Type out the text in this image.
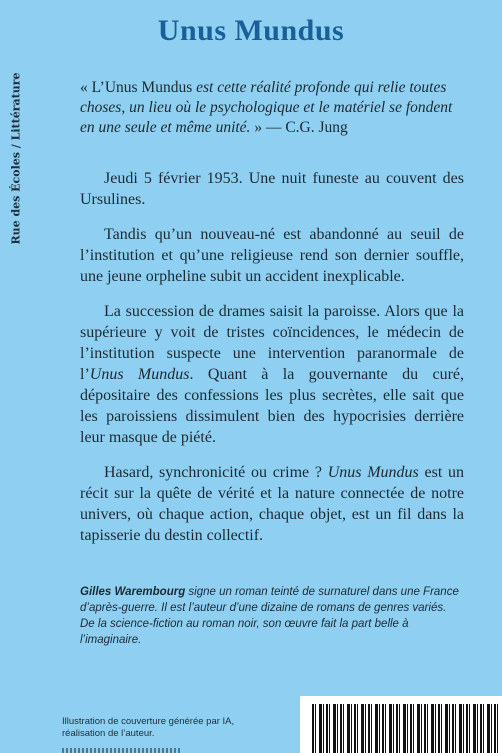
Rue des Écoles / Littérature
Unus Mundus

« L’Unus Mundus est cette réalité profonde qui relie toutes choses, un lieu où le psychologique et le matériel se fondent en une seule et même unité. » — C.G. Jung

Jeudi 5 février 1953. Une nuit funeste au couvent des Ursulines.

Tandis qu’un nouveau-né est abandonné au seuil de l’institution et qu’une religieuse rend son dernier souffle, une jeune orpheline subit un accident inexplicable.

La succession de drames saisit la paroisse. Alors que la supérieure y voit de tristes coïncidences, le médecin de l’institution suspecte une intervention paranormale de l’Unus Mundus. Quant à la gouvernante du curé, dépositaire des confessions les plus secrètes, elle sait que les paroissiens dissimulent bien des hypocrisies derrière leur masque de piété.

Hasard, synchronicité ou crime ? Unus Mundus est un récit sur la quête de vérité et la nature connectée de notre univers, où chaque action, chaque objet, est un fil dans la tapisserie du destin collectif.

Gilles Warembourg signe un roman teinté de surnaturel dans une France d’après-guerre. Il est l’auteur d’une dizaine de romans de genres variés. De la science-fiction au roman noir, son œuvre fait la part belle à l’imaginaire.

Illustration de couverture générée par IA,
réalisation de l’auteur.
